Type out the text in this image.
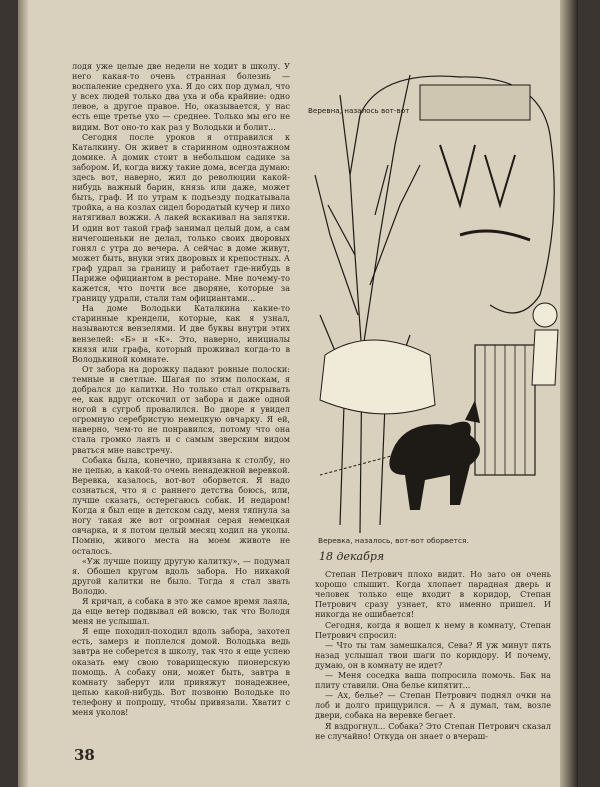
лодя уже целые две недели не ходит в школу. У него какая-то очень странная болезнь — воспаление среднего уха. Я до сих пор думал, что у всех людей только два уха и оба крайние: одно левое, а другое правое. Но, оказывается, у нас есть еще третье ухо — среднее. Только мы его не видим. Вот оно-то как раз у Володьки и болит...

Сегодня после уроков я отправился к Каталкину. Он живет в старинном одноэтажном домике. А домик стоит в небольшом садике за забором. И, когда вижу такие дома, всегда думаю: здесь вот, наверно, жил до революции какой-нибудь важный барин, князь или даже, может быть, граф. И по утрам к подъезду подкатывала тройка, а на козлах сидел бородатый кучер и лихо натягивал вожжи. А лакей вскакивал на запятки. И один вот такой граф занимал целый дом, а сам ничегошеньки не делал, только своих дворовых гонял с утра до вечера. А сейчас в доме живут, может быть, внуки этих дворовых и крепостных. А граф удрал за границу и работает где-нибудь в Париже официантом в ресторане. Мне почему-то кажется, что почти все дворяне, которые за границу удрали, стали там официантами...

На доме Володьки Каталкина какие-то старинные крендели, которые, как я узнал, называются вензелями. И две буквы внутри этих вензелей: «Б» и «К». Это, наверно, инициалы князя или графа, который проживал когда-то в Володькиной комнате.

От забора на дорожку падают ровные полоски: темные и светлые. Шагая по этим полоскам, я добрался до калитки. Но только стал открывать ее, как вдруг отскочил от забора и даже одной ногой в сугроб провалился. Во дворе я увидел огромную серебристую немецкую овчарку. Я ей, наверно, чем-то не понравился, потому что она стала громко лаять и с самым зверским видом рваться мне навстречу.

Собака была, конечно, привязана к столбу, но не цепью, а какой-то очень ненадежной веревкой. Веревка, казалось, вот-вот оборвется. Я надо сознаться, что я с раннего детства боюсь, или, лучше сказать, остерегаюсь собак. И недаром! Когда я был еще в детском саду, меня тяпнула за ногу такая же вот огромная серая немецкая овчарка, и я потом целый месяц ходил на уколы. Помню, живого места на моем животе не осталось.

«Уж лучше поищу другую калитку», — подумал я. Обошел кругом вдоль забора. Но никакой другой калитки не было. Тогда я стал звать Володю.

Я кричал, а собака в это же самое время лаяла, да еще ветер подвывал ей вовсю, так что Володя меня не услышал.

Я еще походил-походил вдоль забора, захотел есть, замерз и поплелся домой. Володька ведь завтра не соберется в школу, так что я еще успею оказать ему свою товарищескую пионерскую помощь. А собаку они, может быть, завтра в комнату заберут или привяжут понадежнее, цепью какой-нибудь. Вот позвоню Володьке по телефону и попрошу, чтобы привязали. Хватит с меня уколов!

Веревна, назалось вот-вот
Веревка, назалось, вот-вот оборвется.

18 декабря

Степан Петрович плохо видит. Но зато он очень хорошо слышит. Когда хлопает парадная дверь и человек только еще входит в коридор, Степан Петрович сразу узнает, кто именно пришел. И никогда не ошибается!

Сегодня, когда я вошел к нему в комнату, Степан Петрович спросил:

— Что ты там замешкался, Сева? Я уж минут пять назад услышал твои шаги по коридору. И почему, думаю, он в комнату не идет?

— Меня соседка ваша попросила помочь. Бак на плиту ставили. Она белье кипятит...

— Ах, белье? — Степан Петрович поднял очки на лоб и долго прищурился. — А я думал, там, возле двери, собака на веревке бегает.

Я вздрогнул... Собака? Это Степан Петрович сказал не случайно! Откуда он знает о вчераш-

38
